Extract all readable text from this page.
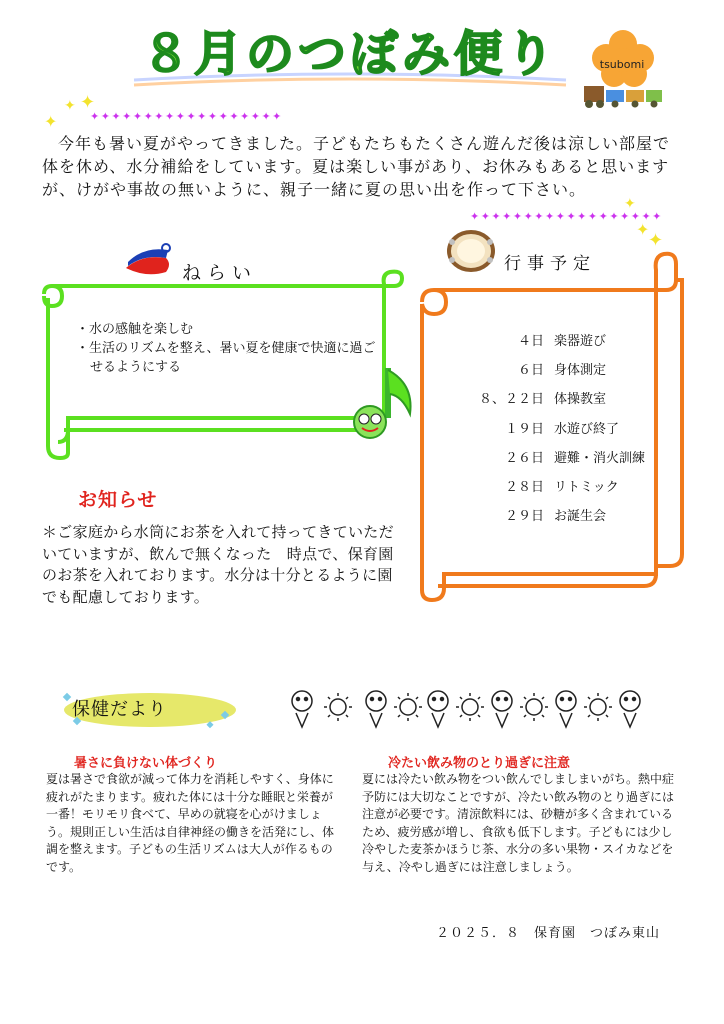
８月のつぼみ便り	tsubomi
✦✦✦✦✦✦✦✦✦✦✦✦✦✦✦✦✦✦
✦
✦ ✦
✦✦✦✦✦✦✦✦✦✦✦✦✦✦✦✦✦✦
✦
✦
✦

今年も暑い夏がやってきました。子どもたちもたくさん遊んだ後は涼しい部屋で体を休め、水分補給をしています。夏は楽しい事があり、お休みもあると思いますが、けがや事故の無いように、親子一緒に夏の思い出を作って下さい。

ねらい
・水の感触を楽しむ
・生活のリズムを整え、暑い夏を健康で快適に過ごせるようにする
行事予定
４日 楽器遊び
６日 身体測定
８、２２日 体操教室
１９日 水遊び終了
２６日 避難・消火訓練
２８日 リトミック
２９日 お誕生会
お知らせ
＊ご家庭から水筒にお茶を入れて持ってきていただいていますが、飲んで無くなった　時点で、保育園のお茶を入れております。水分は十分とるように園でも配慮しております。
保健だより
暑さに負けない体づくり
夏は暑さで食欲が減って体力を消耗しやすく、身体に疲れがたまります。疲れた体には十分な睡眠と栄養が一番！モリモリ食べて、早めの就寝を心がけましょう。規則正しい生活は自律神経の働きを活発にし、体調を整えます。子どもの生活リズムは大人が作るものです。
冷たい飲み物のとり過ぎに注意
夏には冷たい飲み物をつい飲んでしましまいがち。熱中症予防には大切なことですが、冷たい飲み物のとり過ぎには注意が必要です。清涼飲料には、砂糖が多く含まれているため、疲労感が増し、食欲も低下します。子どもには少し冷やした麦茶かほうじ茶、水分の多い果物・スイカなどを与え、冷やし過ぎには注意しましょう。
２０２５．８　保育園　つぼみ東山
